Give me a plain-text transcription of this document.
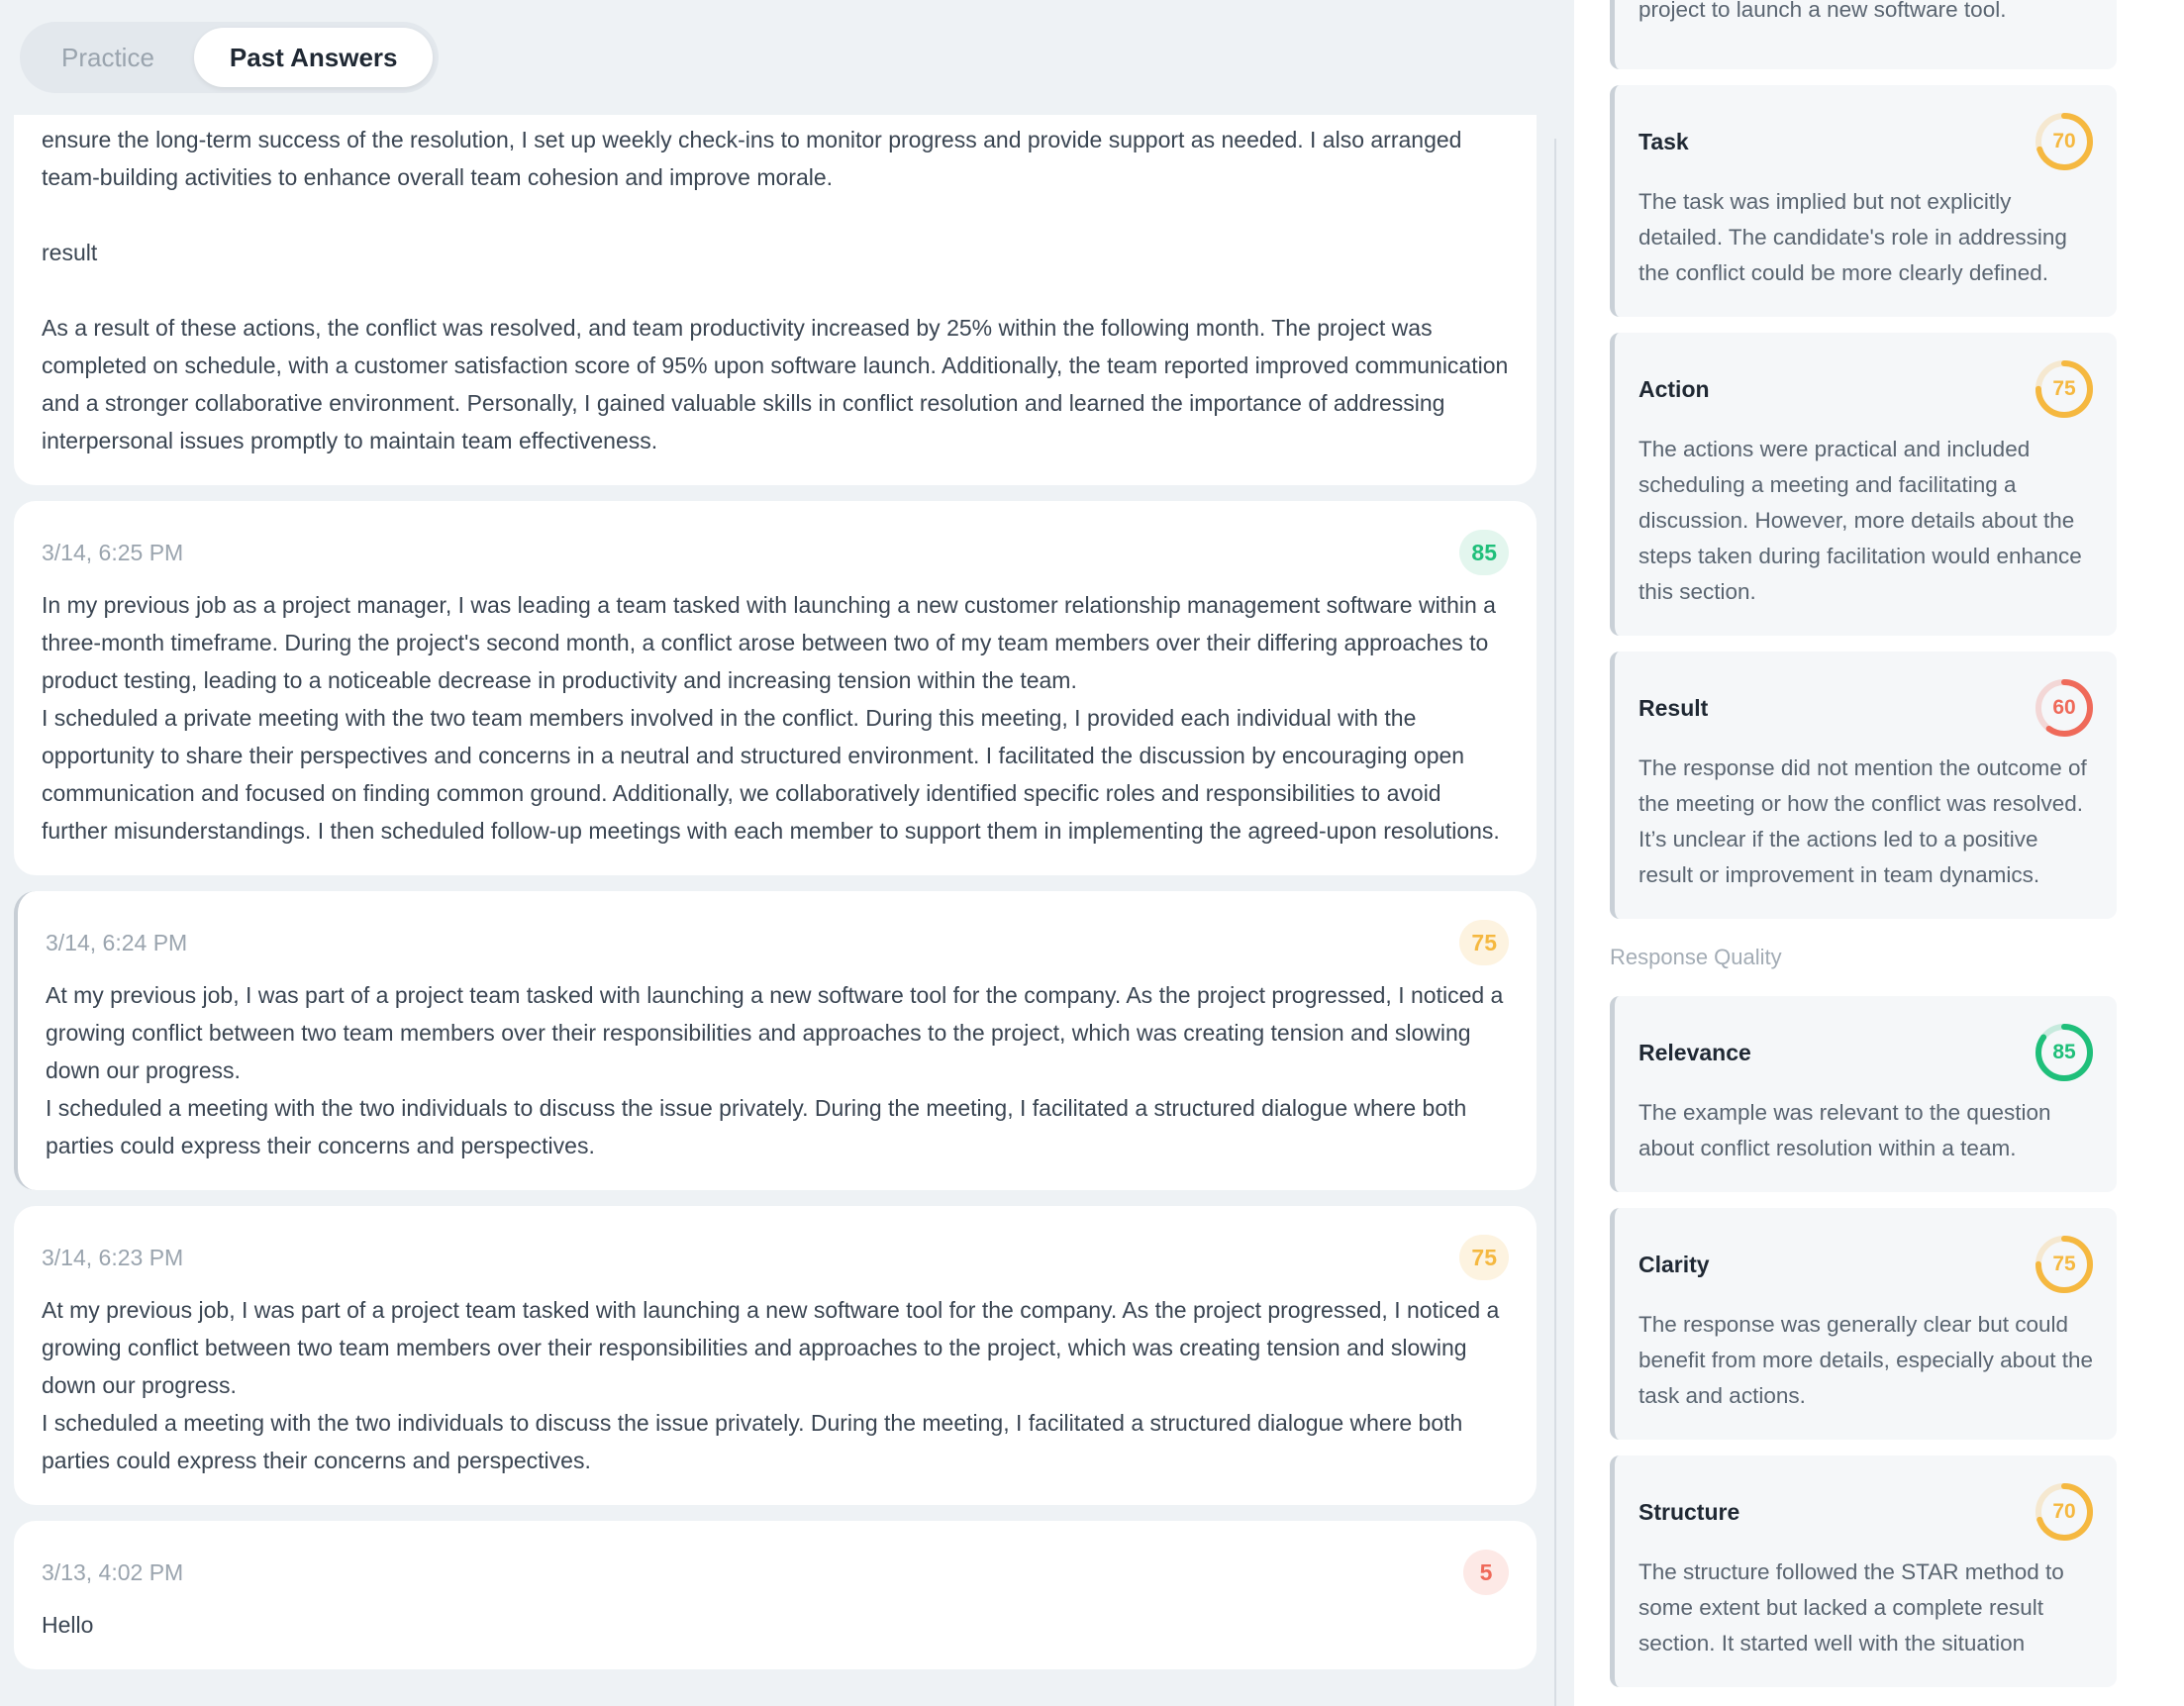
Practice	Past Answers
ensure the long-term success of the resolution, I set up weekly check-ins to monitor progress and provide support as needed. I also arranged team-building activities to enhance overall team cohesion and improve morale.

result

As a result of these actions, the conflict was resolved, and team productivity increased by 25% within the following month. The project was completed on schedule, with a customer satisfaction score of 95% upon software launch. Additionally, the team reported improved communication and a stronger collaborative environment. Personally, I gained valuable skills in conflict resolution and learned the importance of addressing interpersonal issues promptly to maintain team effectiveness.
3/14, 6:25 PM	85
In my previous job as a project manager, I was leading a team tasked with launching a new customer relationship management software within a three-month timeframe. During the project's second month, a conflict arose between two of my team members over their differing approaches to product testing, leading to a noticeable decrease in productivity and increasing tension within the team.
I scheduled a private meeting with the two team members involved in the conflict. During this meeting, I provided each individual with the opportunity to share their perspectives and concerns in a neutral and structured environment. I facilitated the discussion by encouraging open communication and focused on finding common ground. Additionally, we collaboratively identified specific roles and responsibilities to avoid further misunderstandings. I then scheduled follow-up meetings with each member to support them in implementing the agreed-upon resolutions.
3/14, 6:24 PM	75
At my previous job, I was part of a project team tasked with launching a new software tool for the company. As the project progressed, I noticed a growing conflict between two team members over their responsibilities and approaches to the project, which was creating tension and slowing down our progress.
I scheduled a meeting with the two individuals to discuss the issue privately. During the meeting, I facilitated a structured dialogue where both parties could express their concerns and perspectives.
3/14, 6:23 PM	75
At my previous job, I was part of a project team tasked with launching a new software tool for the company. As the project progressed, I noticed a growing conflict between two team members over their responsibilities and approaches to the project, which was creating tension and slowing down our progress.
I scheduled a meeting with the two individuals to discuss the issue privately. During the meeting, I facilitated a structured dialogue where both parties could express their concerns and perspectives.
3/13, 4:02 PM	5
Hello
project to launch a new software tool.
Task	70
The task was implied but not explicitly detailed. The candidate's role in addressing the conflict could be more clearly defined.
Action	75
The actions were practical and included scheduling a meeting and facilitating a discussion. However, more details about the steps taken during facilitation would enhance this section.
Result	60
The response did not mention the outcome of the meeting or how the conflict was resolved. It’s unclear if the actions led to a positive result or improvement in team dynamics.
Response Quality
Relevance	85
The example was relevant to the question about conflict resolution within a team.
Clarity	75
The response was generally clear but could benefit from more details, especially about the task and actions.
Structure	70
The structure followed the STAR method to some extent but lacked a complete result section. It started well with the situation
